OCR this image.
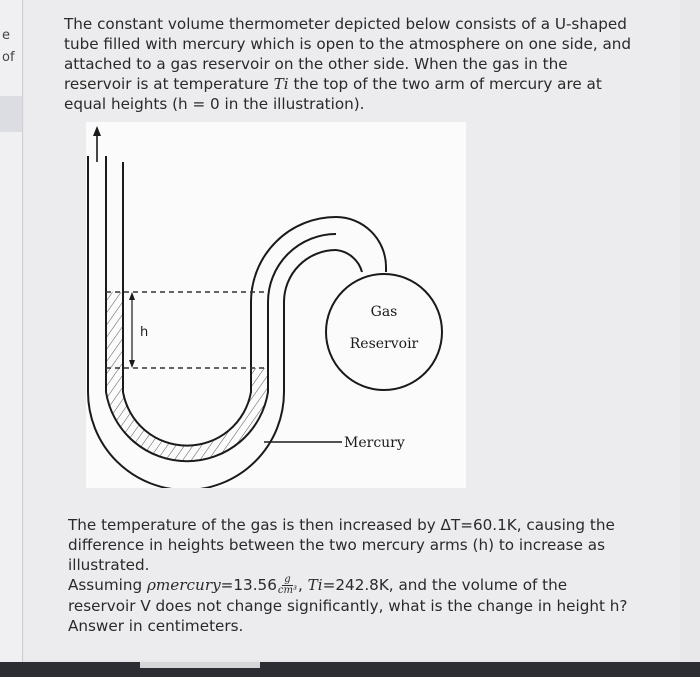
e
of
The constant volume thermometer depicted below consists of a U-shaped
tube filled with mercury which is open to the atmosphere on one side, and
attached to a gas reservoir on the other side. When the gas in the
reservoir is at temperature Ti the top of the two arm of mercury are at
equal heights (h = 0 in the illustration).
h
Gas
Reservoir
Mercury
The temperature of the gas is then increased by ΔT=60.1K, causing the
difference in heights between the two mercury arms (h) to increase as
illustrated.
Assuming ρmercury=13.56 $\frac{g}{\text{cm³}}$ , Ti=242.8K, and the volume of the
reservoir V does not change significantly, what is the change in height h?
Answer in centimeters.
